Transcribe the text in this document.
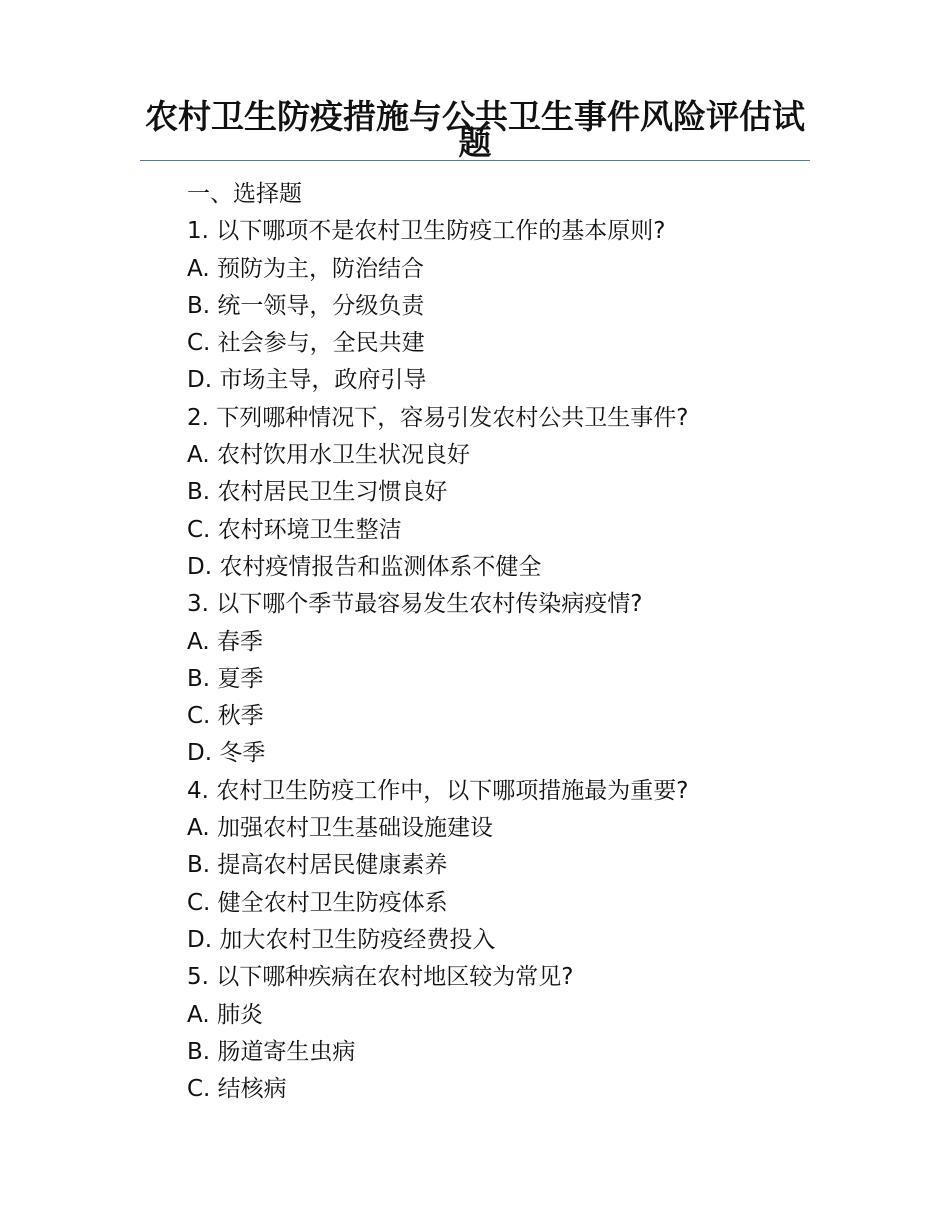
农村卫生防疫措施与公共卫生事件风险评估试题
一、选择题
1. 以下哪项不是农村卫生防疫工作的基本原则?
A. 预防为主，防治结合
B. 统一领导，分级负责
C. 社会参与，全民共建
D. 市场主导，政府引导
2. 下列哪种情况下，容易引发农村公共卫生事件?
A. 农村饮用水卫生状况良好
B. 农村居民卫生习惯良好
C. 农村环境卫生整洁
D. 农村疫情报告和监测体系不健全
3. 以下哪个季节最容易发生农村传染病疫情?
A. 春季
B. 夏季
C. 秋季
D. 冬季
4. 农村卫生防疫工作中，以下哪项措施最为重要?
A. 加强农村卫生基础设施建设
B. 提高农村居民健康素养
C. 健全农村卫生防疫体系
D. 加大农村卫生防疫经费投入
5. 以下哪种疾病在农村地区较为常见?
A. 肺炎
B. 肠道寄生虫病
C. 结核病
